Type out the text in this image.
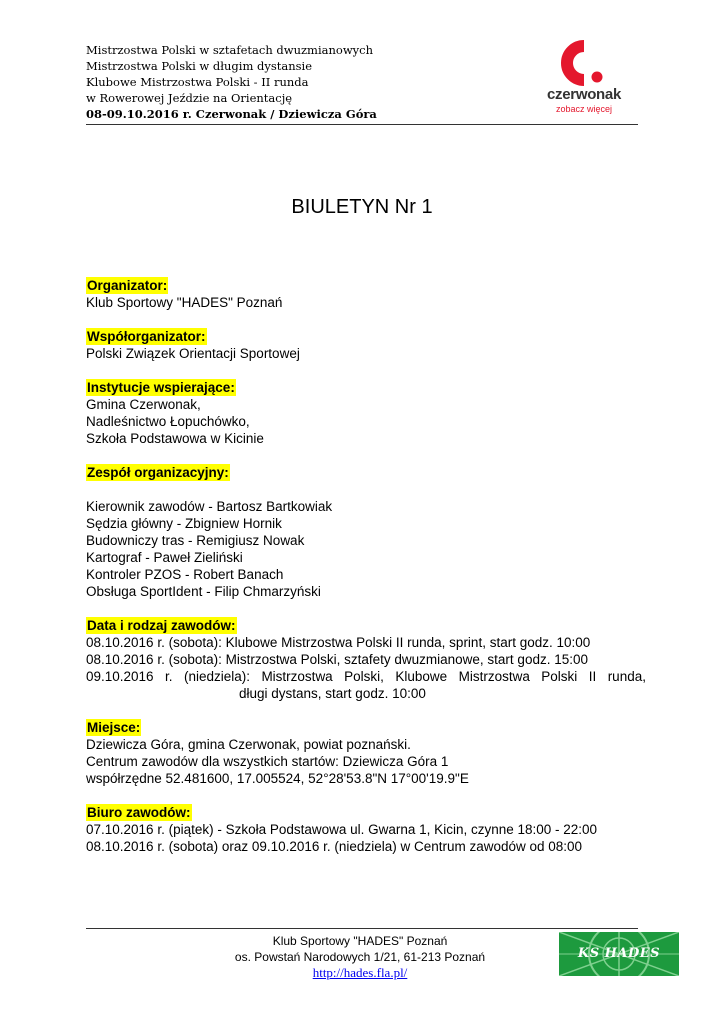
Mistrzostwa Polski w sztafetach dwuzmianowych
Mistrzostwa Polski w długim dystansie
Klubowe Mistrzostwa Polski - II runda
w Rowerowej Jeździe na Orientację
08-09.10.2016 r. Czerwonak / Dziewicza Góra
czerwonak
zobacz więcej
BIULETYN Nr 1
Organizator:
Klub Sportowy "HADES" Poznań
Współorganizator:
Polski Związek Orientacji Sportowej
Instytucje wspierające:
Gmina Czerwonak,
Nadleśnictwo Łopuchówko,
Szkoła Podstawowa w Kicinie
Zespół organizacyjny:
Kierownik zawodów - Bartosz Bartkowiak
Sędzia główny - Zbigniew Hornik
Budowniczy tras - Remigiusz Nowak
Kartograf - Paweł Zieliński
Kontroler PZOS - Robert Banach
Obsługa SportIdent - Filip Chmarzyński
Data i rodzaj zawodów:
08.10.2016 r. (sobota): Klubowe Mistrzostwa Polski II runda, sprint, start godz. 10:00
08.10.2016 r. (sobota): Mistrzostwa Polski, sztafety dwuzmianowe, start godz. 15:00
09.10.2016 r. (niedziela): Mistrzostwa Polski, Klubowe Mistrzostwa Polski II runda,
długi dystans, start godz. 10:00
Miejsce:
Dziewicza Góra, gmina Czerwonak, powiat poznański.
Centrum zawodów dla wszystkich startów: Dziewicza Góra 1
współrzędne 52.481600, 17.005524, 52°28'53.8"N 17°00'19.9"E
Biuro zawodów:
07.10.2016 r. (piątek) - Szkoła Podstawowa ul. Gwarna 1, Kicin, czynne 18:00 - 22:00
08.10.2016 r. (sobota) oraz 09.10.2016 r. (niedziela) w Centrum zawodów od 08:00
Klub Sportowy "HADES" Poznań
os. Powstań Narodowych 1/21, 61-213 Poznań
http://hades.fla.pl/
KS HADES
